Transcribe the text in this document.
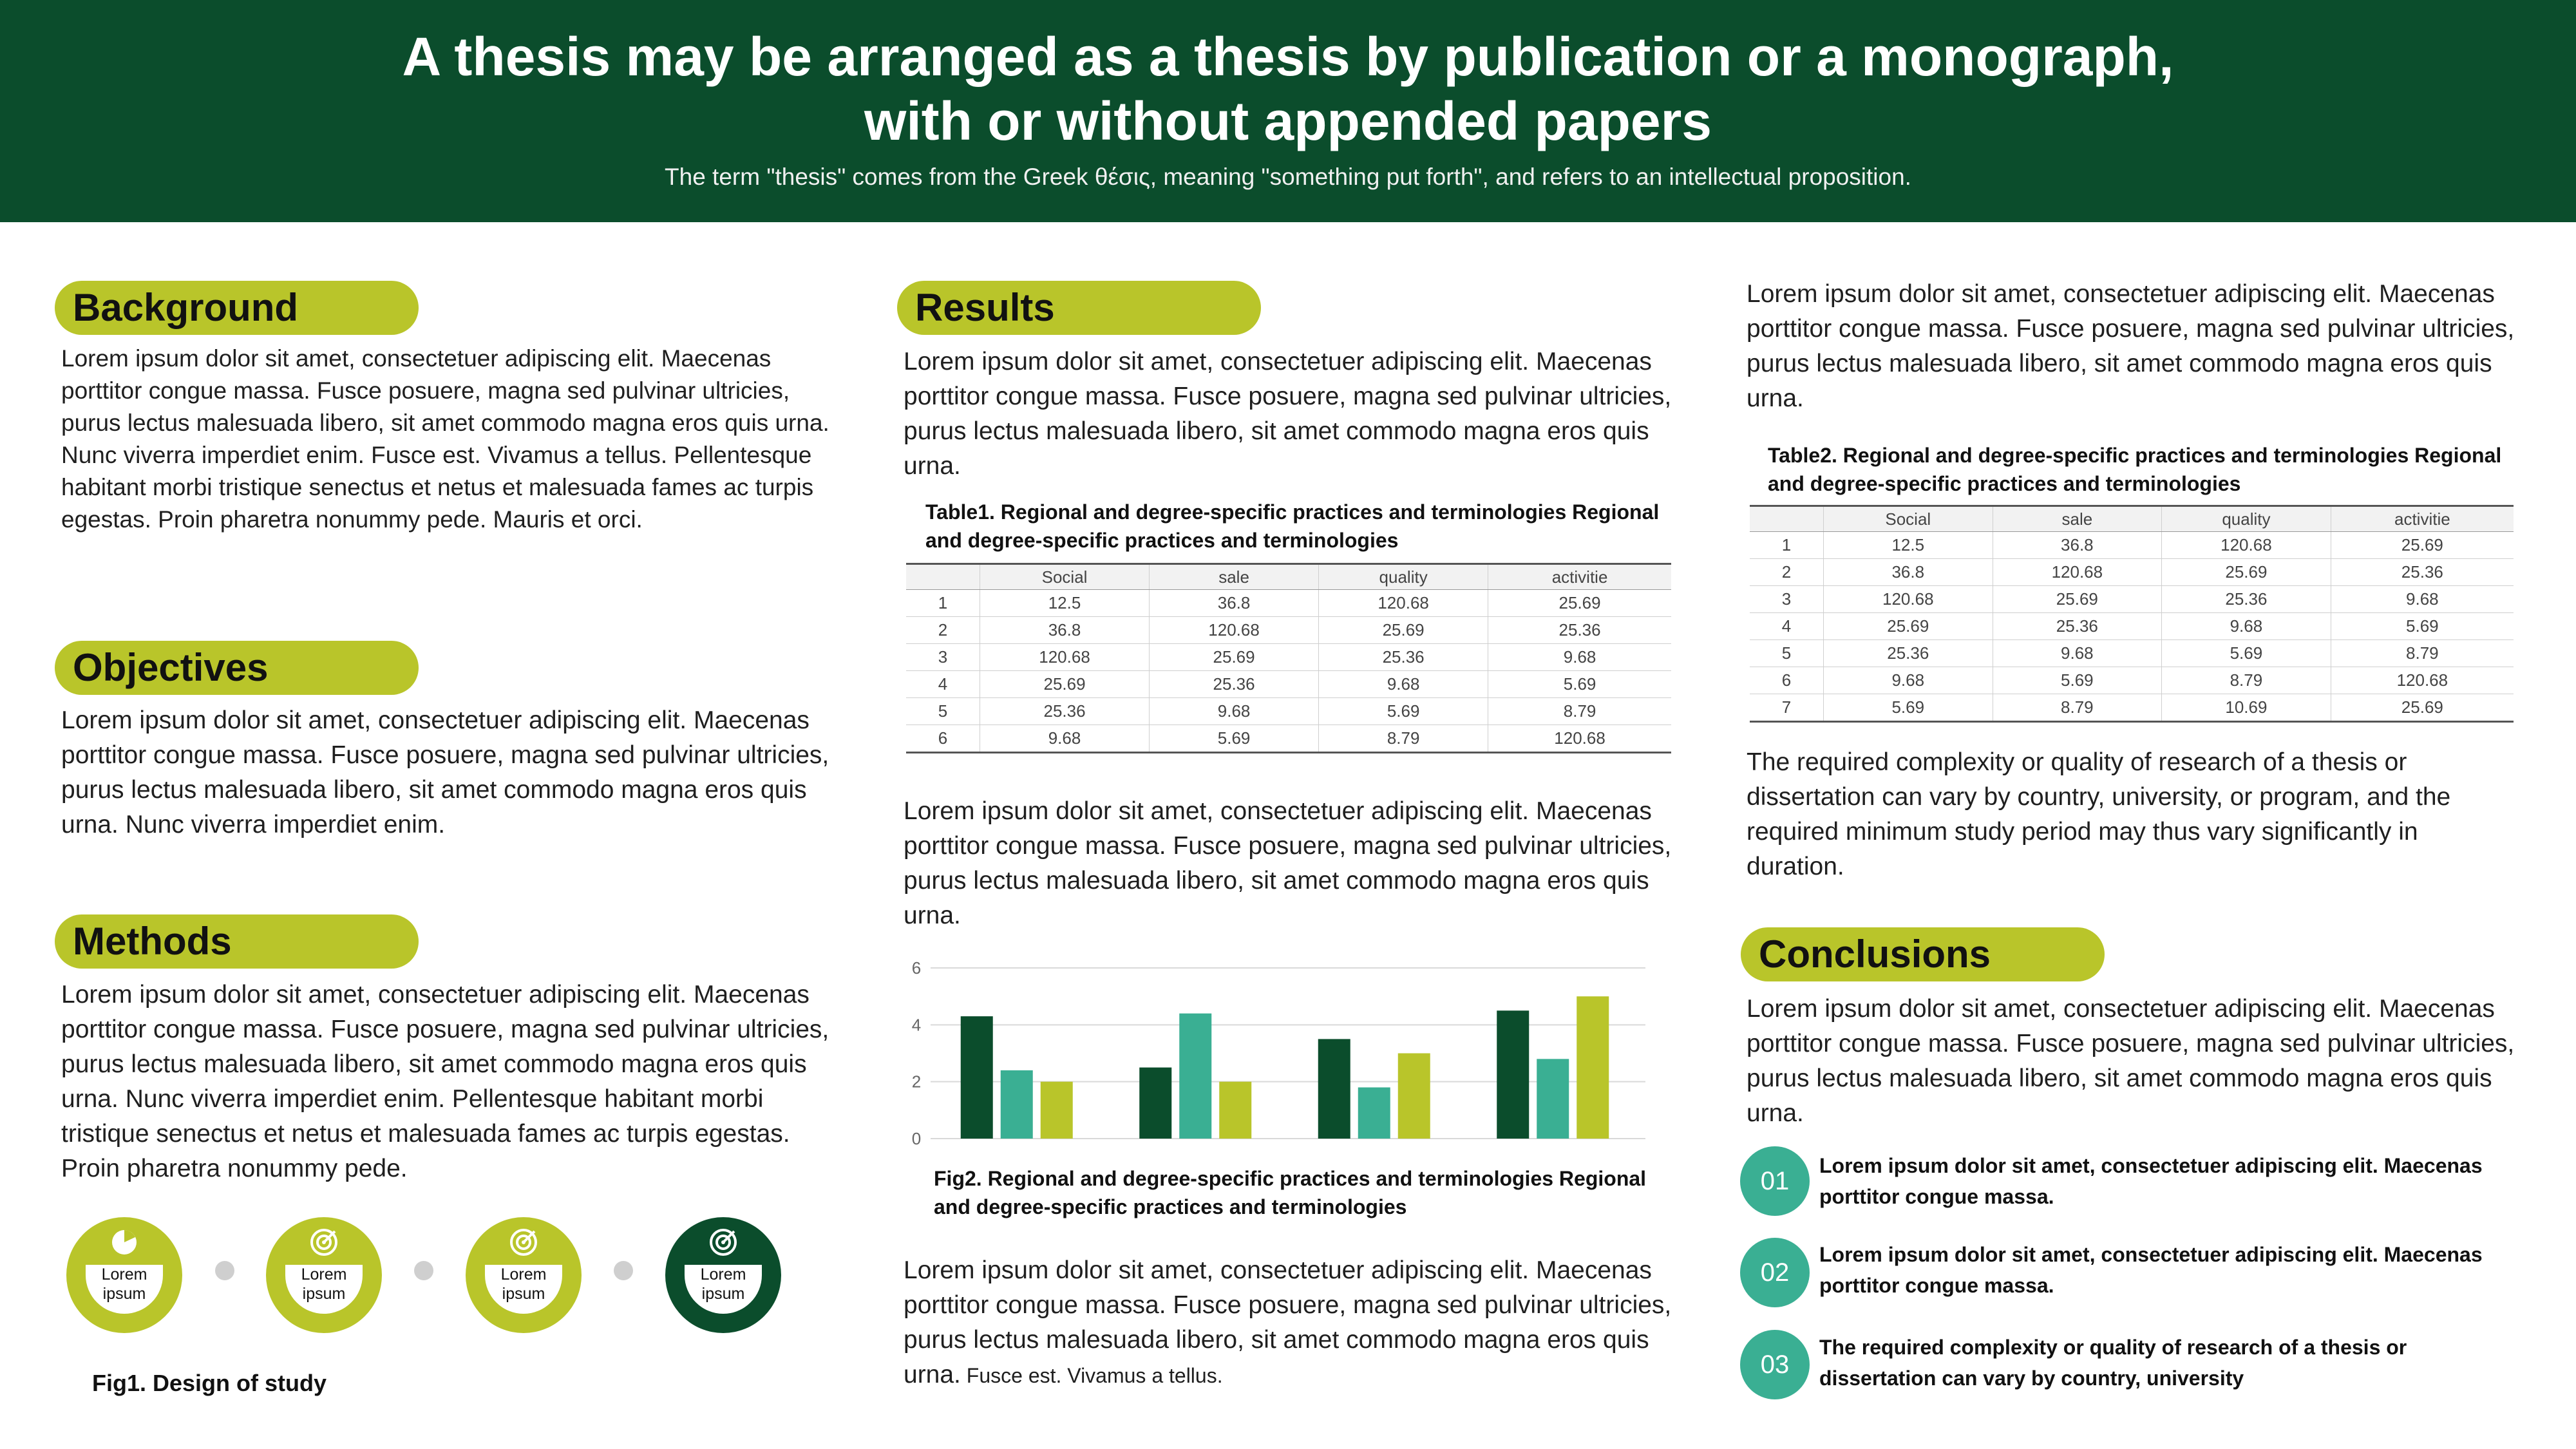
A thesis may be arranged as a thesis by publication or a monograph, with or without appended papers
The term "thesis" comes from the Greek θέσις, meaning "something put forth", and refers to an intellectual proposition.
Background
Lorem ipsum dolor sit amet, consectetuer adipiscing elit. Maecenas porttitor congue massa. Fusce posuere, magna sed pulvinar ultricies, purus lectus malesuada libero, sit amet commodo magna eros quis urna. Nunc viverra imperdiet enim. Fusce est. Vivamus a tellus. Pellentesque habitant morbi tristique senectus et netus et malesuada fames ac turpis egestas. Proin pharetra nonummy pede. Mauris et orci.
Objectives
Lorem ipsum dolor sit amet, consectetuer adipiscing elit. Maecenas porttitor congue massa. Fusce posuere, magna sed pulvinar ultricies, purus lectus malesuada libero, sit amet commodo magna eros quis urna. Nunc viverra imperdiet enim.
Methods
Lorem ipsum dolor sit amet, consectetuer adipiscing elit. Maecenas porttitor congue massa. Fusce posuere, magna sed pulvinar ultricies, purus lectus malesuada libero, sit amet commodo magna eros quis urna. Nunc viverra imperdiet enim. Pellentesque habitant morbi tristique senectus et netus et malesuada fames ac turpis egestas. Proin pharetra nonummy pede.
Lorem ipsum
Lorem ipsum
Lorem ipsum
Lorem ipsum
Fig1. Design of study
Results
Lorem ipsum dolor sit amet, consectetuer adipiscing elit. Maecenas porttitor congue massa. Fusce posuere, magna sed pulvinar ultricies, purus lectus malesuada libero, sit amet commodo magna eros quis urna.
Table1. Regional and degree-specific practices and terminologies Regional and degree-specific practices and terminologies
	Social	sale	quality	activitie
1	12.5	36.8	120.68	25.69
2	36.8	120.68	25.69	25.36
3	120.68	25.69	25.36	9.68
4	25.69	25.36	9.68	5.69
5	25.36	9.68	5.69	8.79
6	9.68	5.69	8.79	120.68
Lorem ipsum dolor sit amet, consectetuer adipiscing elit. Maecenas porttitor congue massa. Fusce posuere, magna sed pulvinar ultricies, purus lectus malesuada libero, sit amet commodo magna eros quis urna.
0
2
4
6
Fig2. Regional and degree-specific practices and terminologies Regional and degree-specific practices and terminologies
Lorem ipsum dolor sit amet, consectetuer adipiscing elit. Maecenas porttitor congue massa. Fusce posuere, magna sed pulvinar ultricies, purus lectus malesuada libero, sit amet commodo magna eros quis urna. Fusce est. Vivamus a tellus.
Lorem ipsum dolor sit amet, consectetuer adipiscing elit. Maecenas porttitor congue massa. Fusce posuere, magna sed pulvinar ultricies, purus lectus malesuada libero, sit amet commodo magna eros quis urna.
Table2. Regional and degree-specific practices and terminologies Regional and degree-specific practices and terminologies
	Social	sale	quality	activitie
1	12.5	36.8	120.68	25.69
2	36.8	120.68	25.69	25.36
3	120.68	25.69	25.36	9.68
4	25.69	25.36	9.68	5.69
5	25.36	9.68	5.69	8.79
6	9.68	5.69	8.79	120.68
7	5.69	8.79	10.69	25.69
The required complexity or quality of research of a thesis or dissertation can vary by country, university, or program, and the required minimum study period may thus vary significantly in duration.
Conclusions
Lorem ipsum dolor sit amet, consectetuer adipiscing elit. Maecenas porttitor congue massa. Fusce posuere, magna sed pulvinar ultricies, purus lectus malesuada libero, sit amet commodo magna eros quis urna.
01
Lorem ipsum dolor sit amet, consectetuer adipiscing elit. Maecenas porttitor congue massa.
02
Lorem ipsum dolor sit amet, consectetuer adipiscing elit. Maecenas porttitor congue massa.
03
The required complexity or quality of research of a thesis or dissertation can vary by country, university
